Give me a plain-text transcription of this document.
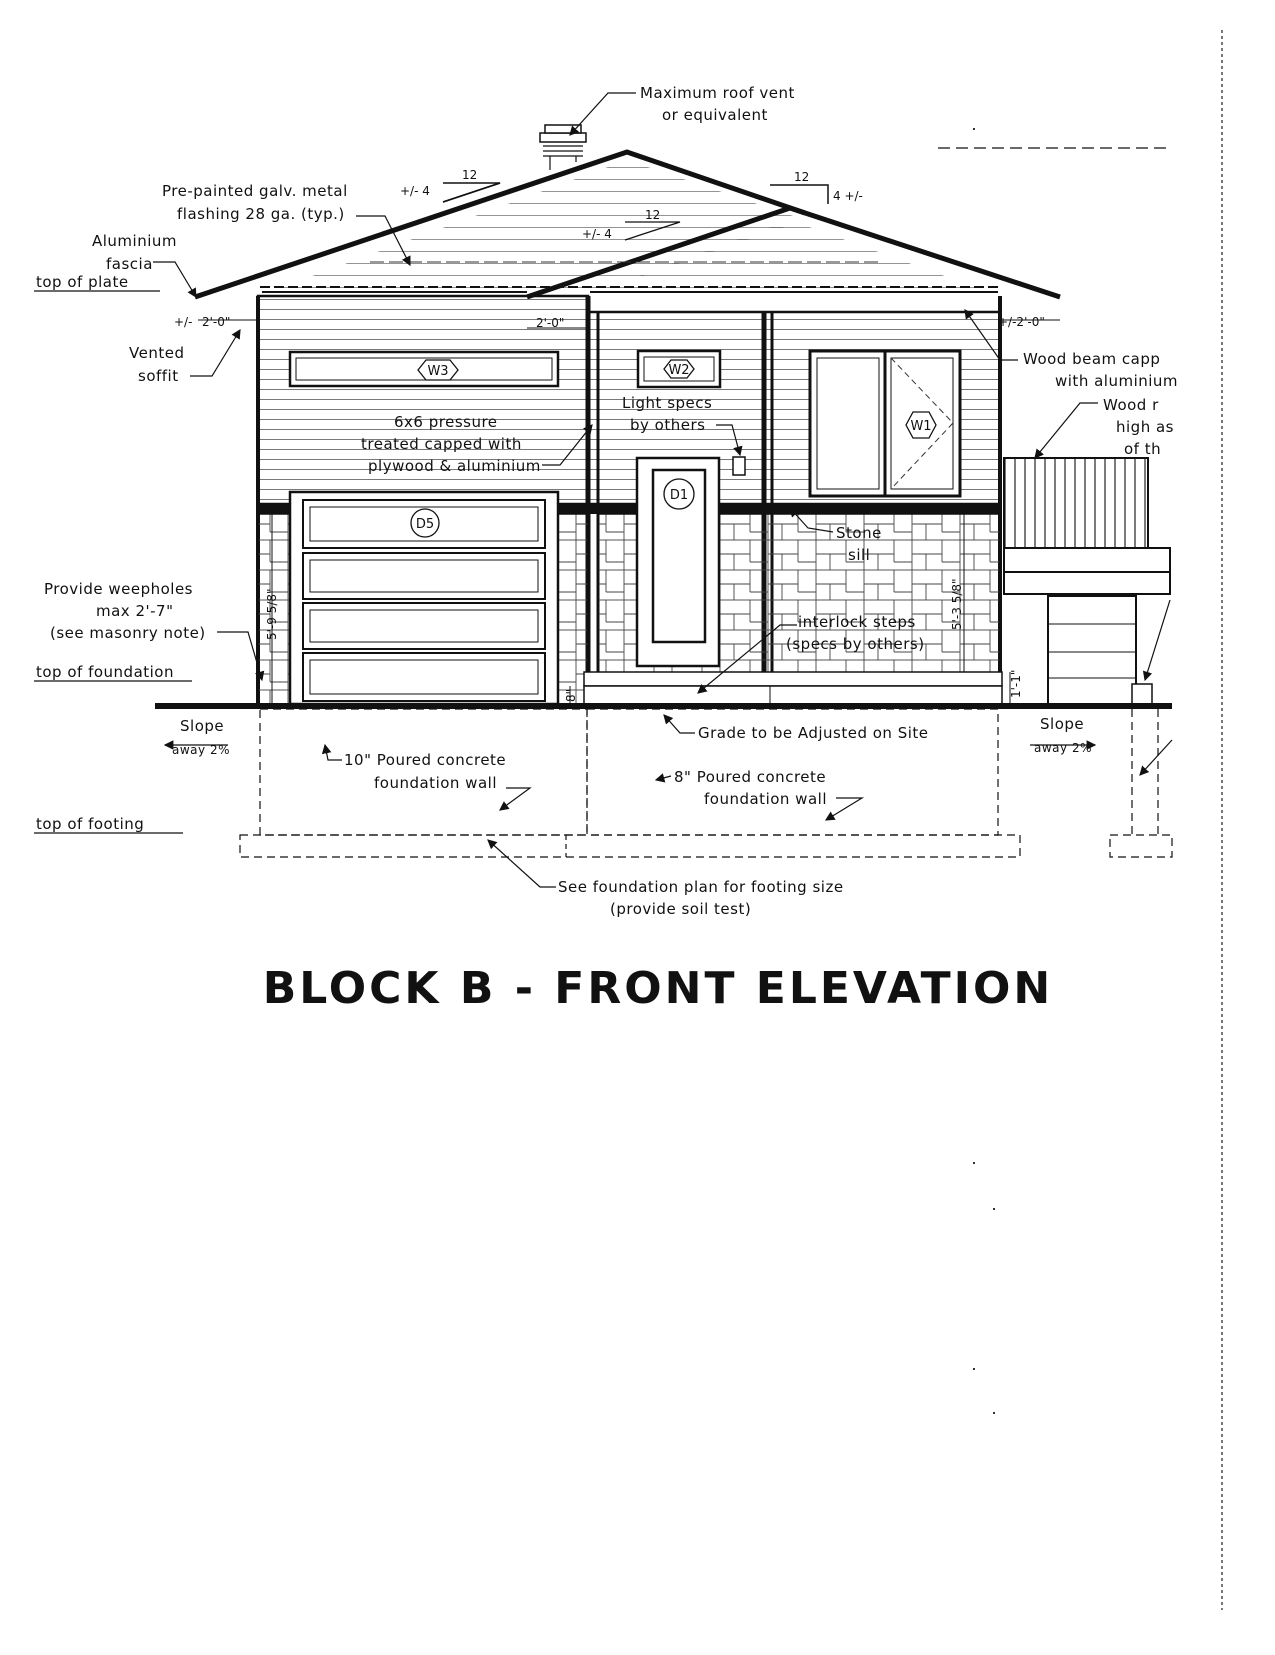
W3	W2
W1
D1
D5
top of plate
top of foundation
top of footing
+/- 2'-0"	2'-0"	+/-2'-0"
5'-9 5/8"	5'-3 5/8"
8"	1'-1"
+/- 4
12	12
4 +/-
12
+/- 4
Maximum roof vent or equivalent
Pre-painted galv. metal flashing 28 ga. (typ.)
Aluminium fascia
Vented soffit
6x6 pressure treated capped with plywood & aluminium
Light specs by others
Wood beam capp with aluminium
Wood r high as of th
Stone sill
Provide weepholes max 2'-7" (see masonry note)
interlock steps (specs by others)
Grade to be Adjusted on Site
Slope away 2%
Slope away 2%
10" Poured concrete foundation wall	8" Poured concrete foundation wall
See foundation plan for footing size (provide soil test)
BLOCK B - FRONT ELEVATION
